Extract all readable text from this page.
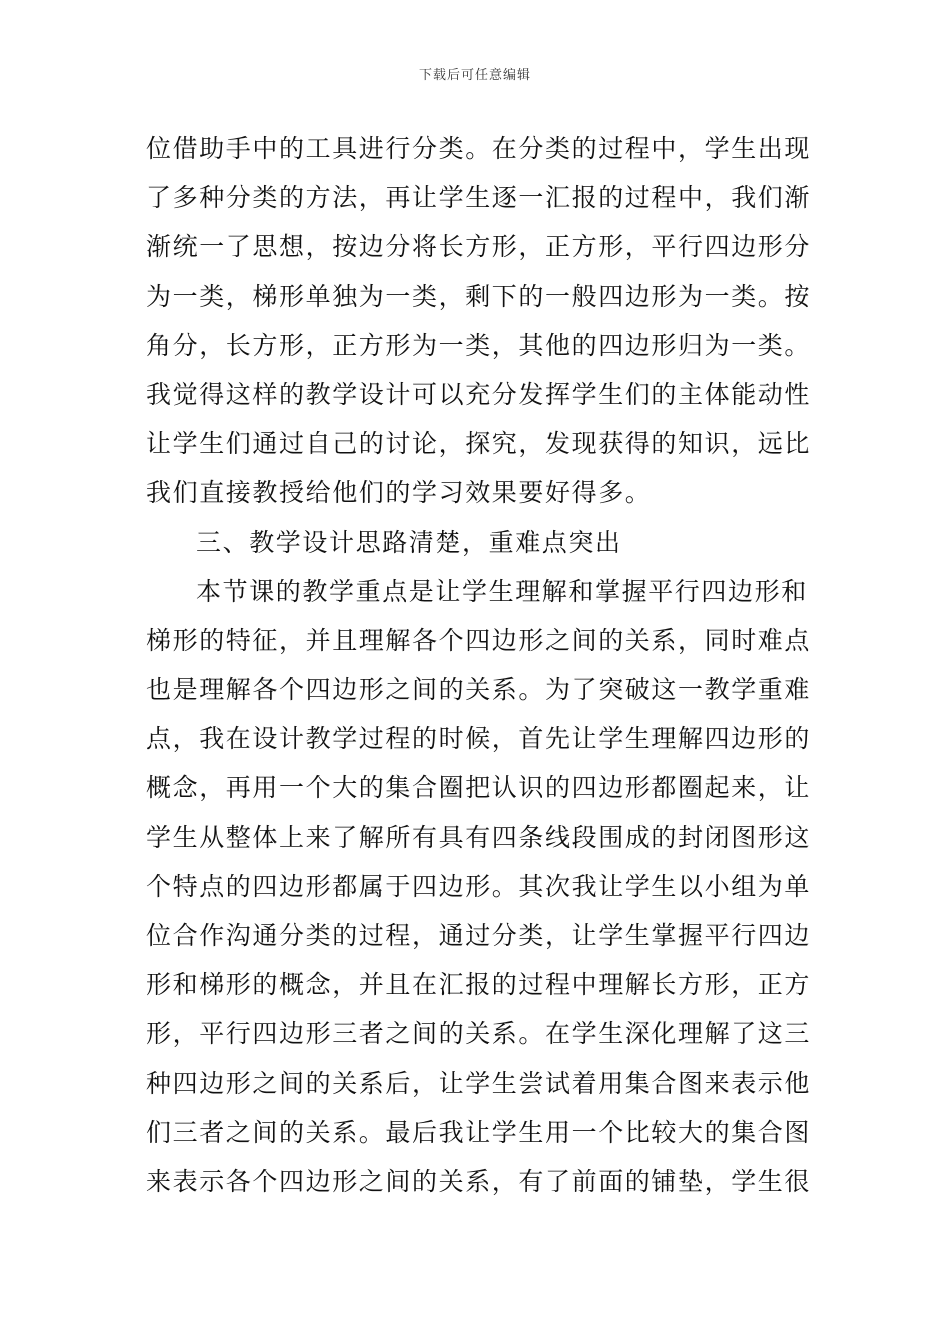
下载后可任意编辑
位借助手中的工具进行分类。在分类的过程中，学生出现
了多种分类的方法，再让学生逐一汇报的过程中，我们渐
渐统一了思想，按边分将长方形，正方形，平行四边形分
为一类，梯形单独为一类，剩下的一般四边形为一类。按
角分，长方形，正方形为一类，其他的四边形归为一类。
我觉得这样的教学设计可以充分发挥学生们的主体能动性
让学生们通过自己的讨论，探究，发现获得的知识，远比
我们直接教授给他们的学习效果要好得多。
三、教学设计思路清楚，重难点突出
本节课的教学重点是让学生理解和掌握平行四边形和
梯形的特征，并且理解各个四边形之间的关系，同时难点
也是理解各个四边形之间的关系。为了突破这一教学重难
点，我在设计教学过程的时候，首先让学生理解四边形的
概念，再用一个大的集合圈把认识的四边形都圈起来，让
学生从整体上来了解所有具有四条线段围成的封闭图形这
个特点的四边形都属于四边形。其次我让学生以小组为单
位合作沟通分类的过程，通过分类，让学生掌握平行四边
形和梯形的概念，并且在汇报的过程中理解长方形，正方
形，平行四边形三者之间的关系。在学生深化理解了这三
种四边形之间的关系后，让学生尝试着用集合图来表示他
们三者之间的关系。最后我让学生用一个比较大的集合图
来表示各个四边形之间的关系，有了前面的铺垫，学生很
